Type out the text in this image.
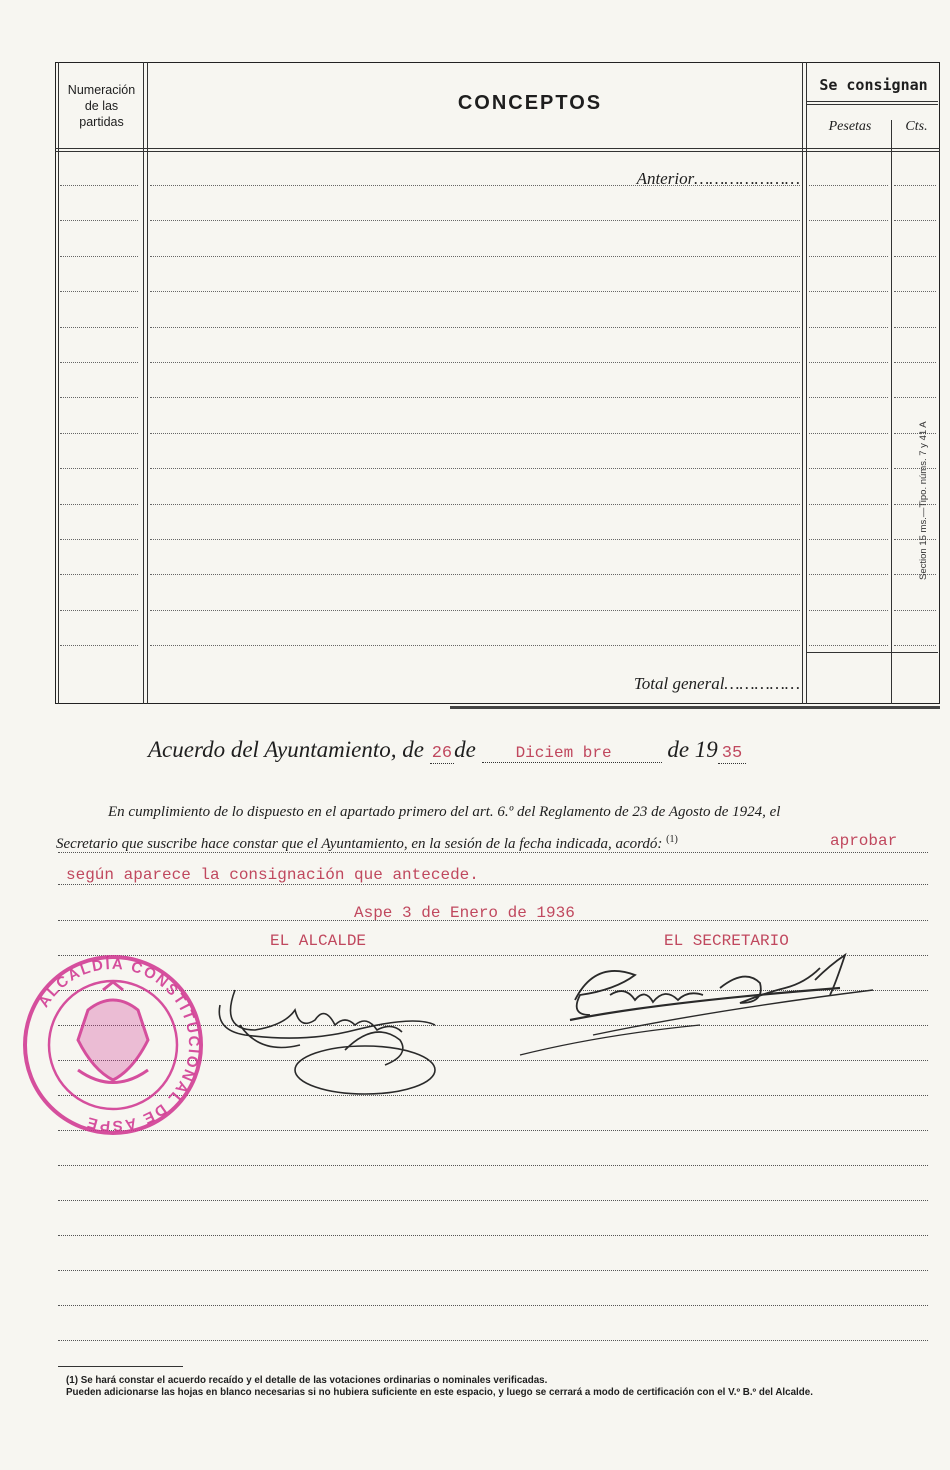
Numeración
de las
partidas
CONCEPTOS
Se consignan
Pesetas	Cts.
Anterior…………………
Total general……………
Section 15 ms.—Tipo. núms. 7 y 41 A
Acuerdo del Ayuntamiento, de 26de Diciem bre de 19 35
En cumplimiento de lo dispuesto en el apartado primero del art. 6.º del Reglamento de 23 de Agosto de 1924, el
Secretario que suscribe hace constar que el Ayuntamiento, en la sesión de la fecha indicada, acordó: $^{(1)}$	aprobar
según aparece la consignación que antecede.
Aspe 3 de Enero de 1936
EL ALCALDE	EL SECRETARIO
ALCALDÍA CONSTITUCIONAL DE ASPE
(1) Se hará constar el acuerdo recaído y el detalle de las votaciones ordinarias o nominales verificadas.
Pueden adicionarse las hojas en blanco necesarias si no hubiera suficiente en este espacio, y luego se cerrará a modo de certificación con el V.º B.º del Alcalde.
